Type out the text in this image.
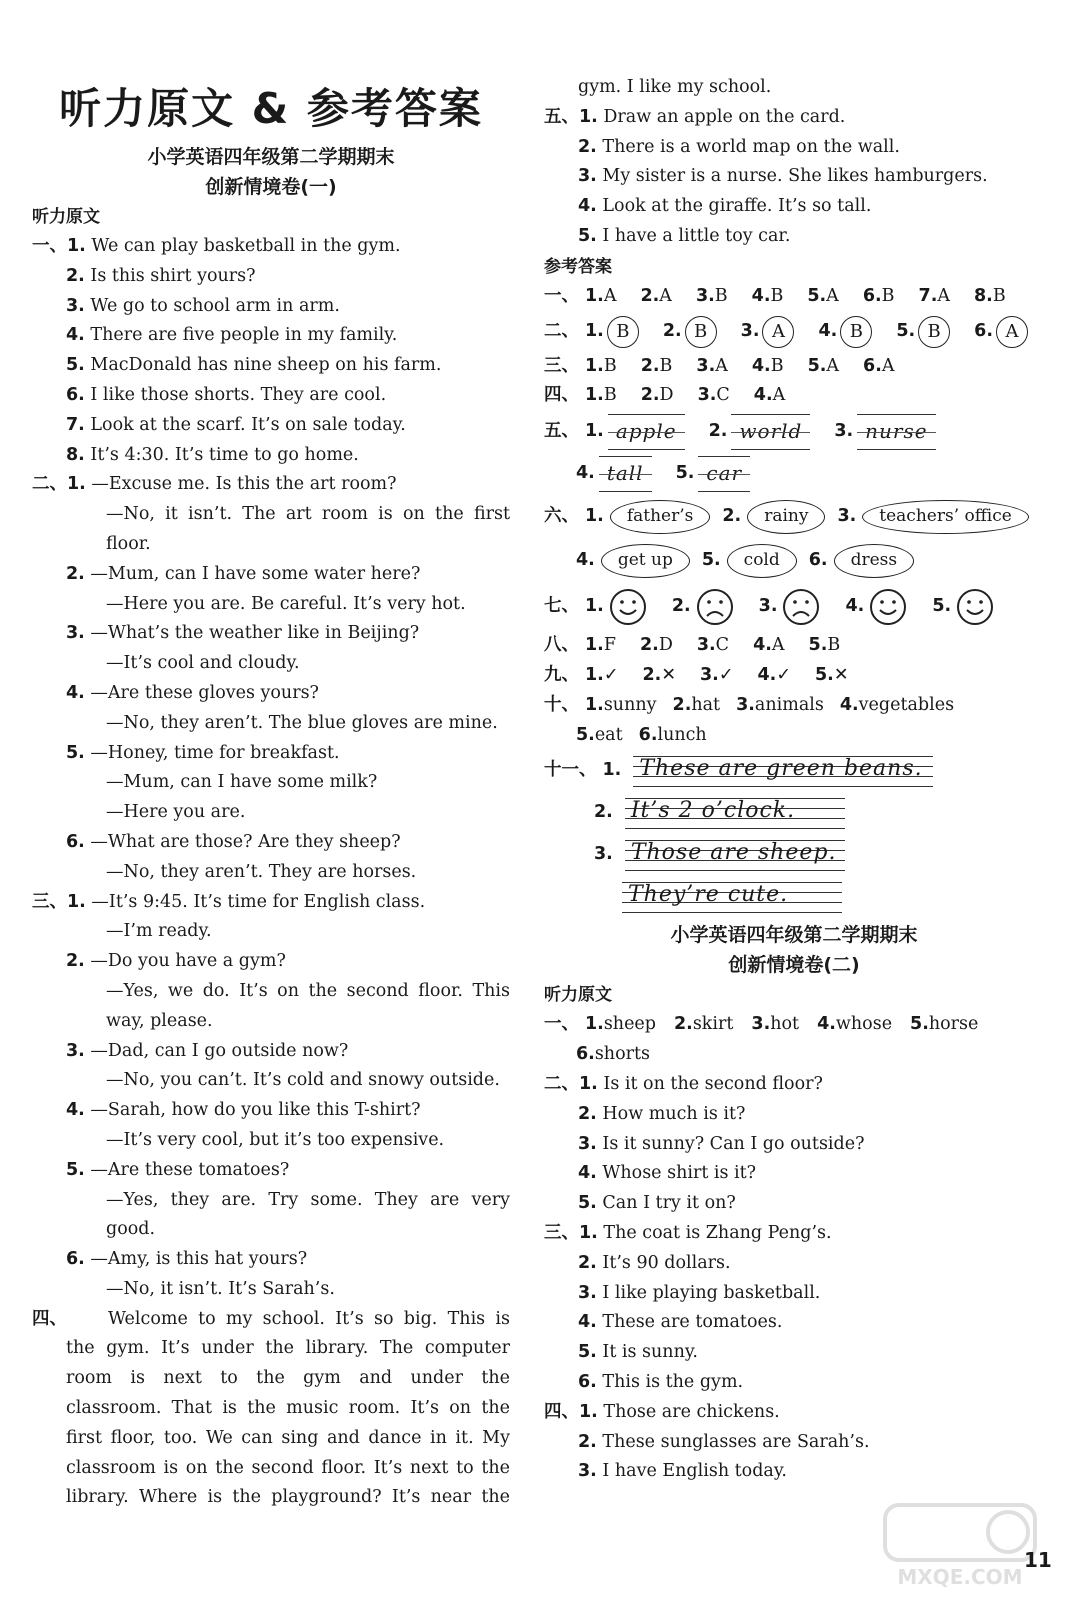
听力原文 & 参考答案
小学英语四年级第二学期期末
创新情境卷(一)
听力原文
一、1. We can play basketball in the gym.
2. Is this shirt yours?
3. We go to school arm in arm.
4. There are five people in my family.
5. MacDonald has nine sheep on his farm.
6. I like those shorts. They are cool.
7. Look at the scarf. It’s on sale today.
8. It’s 4:30. It’s time to go home.
二、1. —Excuse me. Is this the art room?
—No, it isn’t. The art room is on the first
floor.
2. —Mum, can I have some water here?
—Here you are. Be careful. It’s very hot.
3. —What’s the weather like in Beijing?
—It’s cool and cloudy.
4. —Are these gloves yours?
—No, they aren’t. The blue gloves are mine.
5. —Honey, time for breakfast.
—Mum, can I have some milk?
—Here you are.
6. —What are those? Are they sheep?
—No, they aren’t. They are horses.
三、1. —It’s 9:45. It’s time for English class.
—I’m ready.
2. —Do you have a gym?
—Yes, we do. It’s on the second floor. This
way, please.
3. —Dad, can I go outside now?
—No, you can’t. It’s cold and snowy outside.
4. —Sarah, how do you like this T-shirt?
—It’s very cool, but it’s too expensive.
5. —Are these tomatoes?
—Yes, they are. Try some. They are very
good.
6. —Amy, is this hat yours?
—No, it isn’t. It’s Sarah’s.
四、	Welcome to my school. It’s so big. This is
the gym. It’s under the library. The computer
room is next to the gym and under the
classroom. That is the music room. It’s on the
first floor, too. We can sing and dance in it. My
classroom is on the second floor. It’s next to the
library. Where is the playground? It’s near the
gym. I like my school.
五、1. Draw an apple on the card.
2. There is a world map on the wall.
3. My sister is a nurse. She likes hamburgers.
4. Look at the giraffe. It’s so tall.
5. I have a little toy car.
参考答案
一、 1. A 2. A 3. B 4. B 5. A 6. B 7. A 8. B
二、 1. B	2. B	3. A	4. B	5. B	6. A
三、 1. B 2. B 3. A 4. B 5. A 6. A
四、 1. B 2. D 3. C 4. A
五、 1. apple	2. world	3. nurse
4. tall	5. car
六、 1.	father’s	2.	rainy	3.	teachers’ office
4.	get up	5.	cold	6.	dress
七、 1.	2.	3.	4.	5.
八、 1. F 2. D 3. C 4. A 5. B
九、 1. ✓ 2. ✕ 3. ✓ 4. ✓ 5. ✕
十、 1. sunny 2. hat 3. animals 4. vegetables
5. eat 6. lunch
十一、 1. These are green beans.
2. It’s 2 o’clock.
3. Those are sheep.
They’re cute.
小学英语四年级第二学期期末
创新情境卷(二)
听力原文
一、 1. sheep 2. skirt 3. hot 4. whose 5. horse
6. shorts
二、1. Is it on the second floor?
2. How much is it?
3. Is it sunny? Can I go outside?
4. Whose shirt is it?
5. Can I try it on?
三、1. The coat is Zhang Peng’s.
2. It’s 90 dollars.
3. I like playing basketball.
4. These are tomatoes.
5. It is sunny.
6. This is the gym.
四、1. Those are chickens.
2. These sunglasses are Sarah’s.
3. I have English today.
MXQE.COM
11
